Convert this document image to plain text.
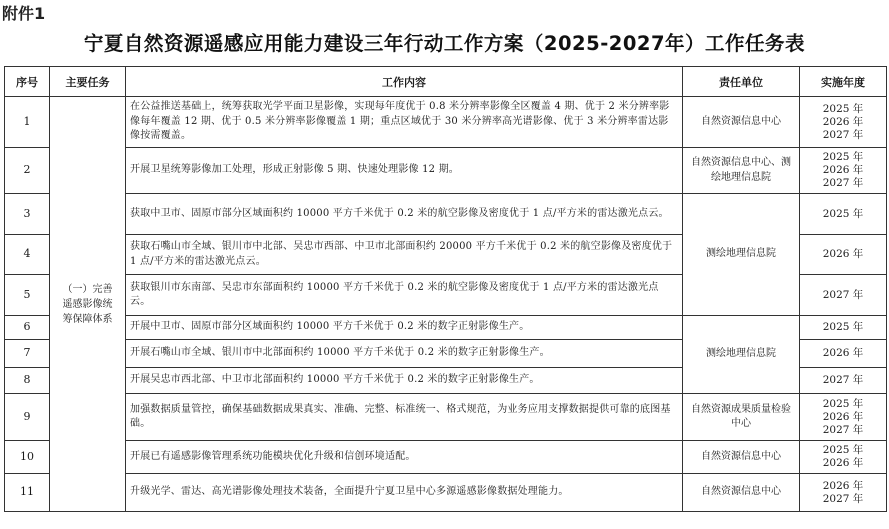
附件1
宁夏自然资源遥感应用能力建设三年行动工作方案（2025-2027年）工作任务表
序号	主要任务	工作内容	责任单位	实施年度
1	（一）完善遥感影像统筹保障体系	在公益推送基础上，统筹获取光学平面卫星影像，实现每年度优于 0.8 米分辨率影像全区覆盖 4 期、优于 2 米分辨率影像每年覆盖 12 期、优于 0.5 米分辨率影像覆盖 1 期；重点区域优于 30 米分辨率高光谱影像、优于 3 米分辨率雷达影像按需覆盖。	自然资源信息中心	2025 年
2026 年
2027 年

2		开展卫星统筹影像加工处理，形成正射影像 5 期、快速处理影像 12 期。	自然资源信息中心、测绘地理信息院	2025 年
2026 年
2027 年

3		获取中卫市、固原市部分区域面积约 10000 平方千米优于 0.2 米的航空影像及密度优于 1 点/平方米的雷达激光点云。	测绘地理信息院	2025 年

4		获取石嘴山市全域、银川市中北部、吴忠市西部、中卫市北部面积约 20000 平方千米优于 0.2 米的航空影像及密度优于 1 点/平方米的雷达激光点云。		2026 年

5		获取银川市东南部、吴忠市东部面积约 10000 平方千米优于 0.2 米的航空影像及密度优于 1 点/平方米的雷达激光点云。		2027 年

6		开展中卫市、固原市部分区域面积约 10000 平方千米优于 0.2 米的数字正射影像生产。	测绘地理信息院	2025 年

7		开展石嘴山市全域、银川市中北部面积约 10000 平方千米优于 0.2 米的数字正射影像生产。		2026 年

8		开展吴忠市西北部、中卫市北部面积约 10000 平方千米优于 0.2 米的数字正射影像生产。		2027 年

9		加强数据质量管控，确保基础数据成果真实、准确、完整、标准统一、格式规范，为业务应用支撑数据提供可靠的底图基础。	自然资源成果质量检验中心	2025 年
2026 年
2027 年

10		开展已有遥感影像管理系统功能模块优化升级和信创环境适配。	自然资源信息中心	2025 年
2026 年

11		升级光学、雷达、高光谱影像处理技术装备，全面提升宁夏卫星中心多源遥感影像数据处理能力。	自然资源信息中心	2026 年
2027 年
